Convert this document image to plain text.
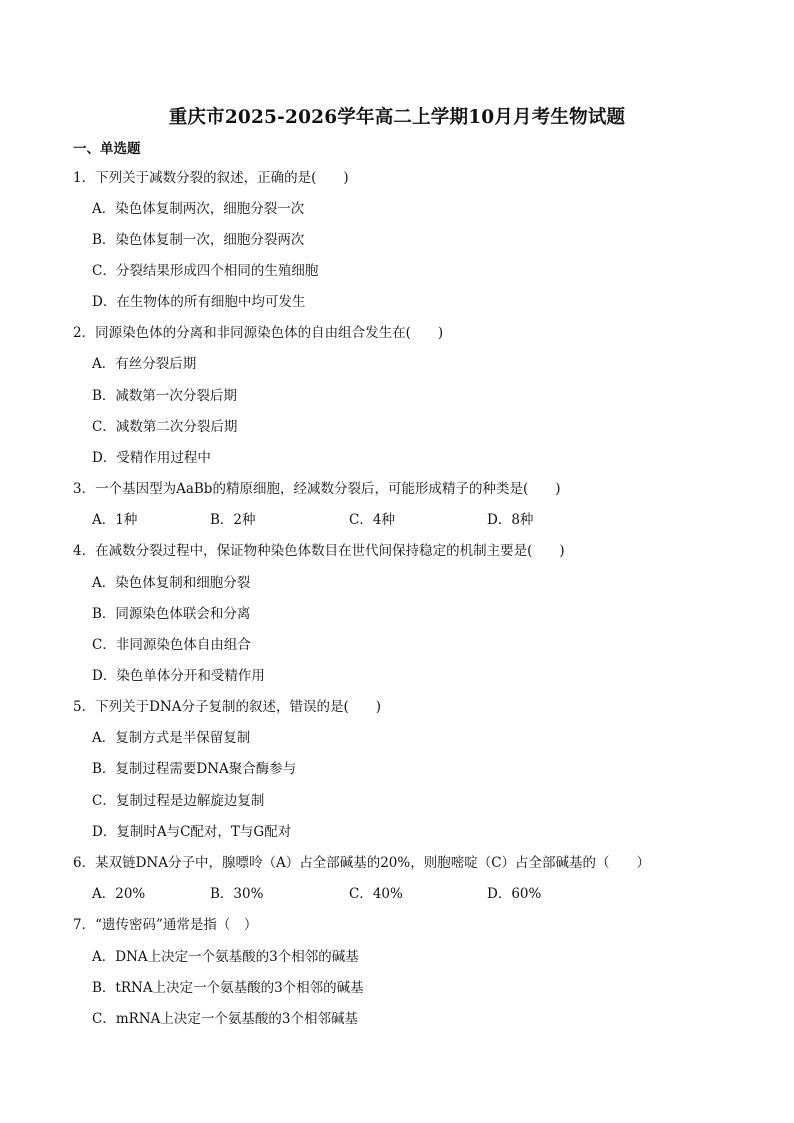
重庆市2025-2026学年高二上学期10月月考生物试题
一、单选题
1．下列关于减数分裂的叙述，正确的是(　　)
A．染色体复制两次，细胞分裂一次
B．染色体复制一次，细胞分裂两次
C．分裂结果形成四个相同的生殖细胞
D．在生物体的所有细胞中均可发生
2．同源染色体的分离和非同源染色体的自由组合发生在(　　)
A．有丝分裂后期
B．减数第一次分裂后期
C．减数第二次分裂后期
D．受精作用过程中
3．一个基因型为AaBb的精原细胞，经减数分裂后，可能形成精子的种类是(　　)
A．1种	B．2种	C．4种	D．8种
4．在减数分裂过程中，保证物种染色体数目在世代间保持稳定的机制主要是(　　)
A．染色体复制和细胞分裂
B．同源染色体联会和分离
C．非同源染色体自由组合
D．染色单体分开和受精作用
5．下列关于DNA分子复制的叙述，错误的是(　　)
A．复制方式是半保留复制
B．复制过程需要DNA聚合酶参与
C．复制过程是边解旋边复制
D．复制时A与C配对，T与G配对
6．某双链DNA分子中，腺嘌呤（A）占全部碱基的20%，则胞嘧啶（C）占全部碱基的（　　）
A．20%	B．30%	C．40%	D．60%
7．“遗传密码”通常是指（　）
A．DNA上决定一个氨基酸的3个相邻的碱基
B．tRNA上决定一个氨基酸的3个相邻的碱基
C．mRNA上决定一个氨基酸的3个相邻碱基
